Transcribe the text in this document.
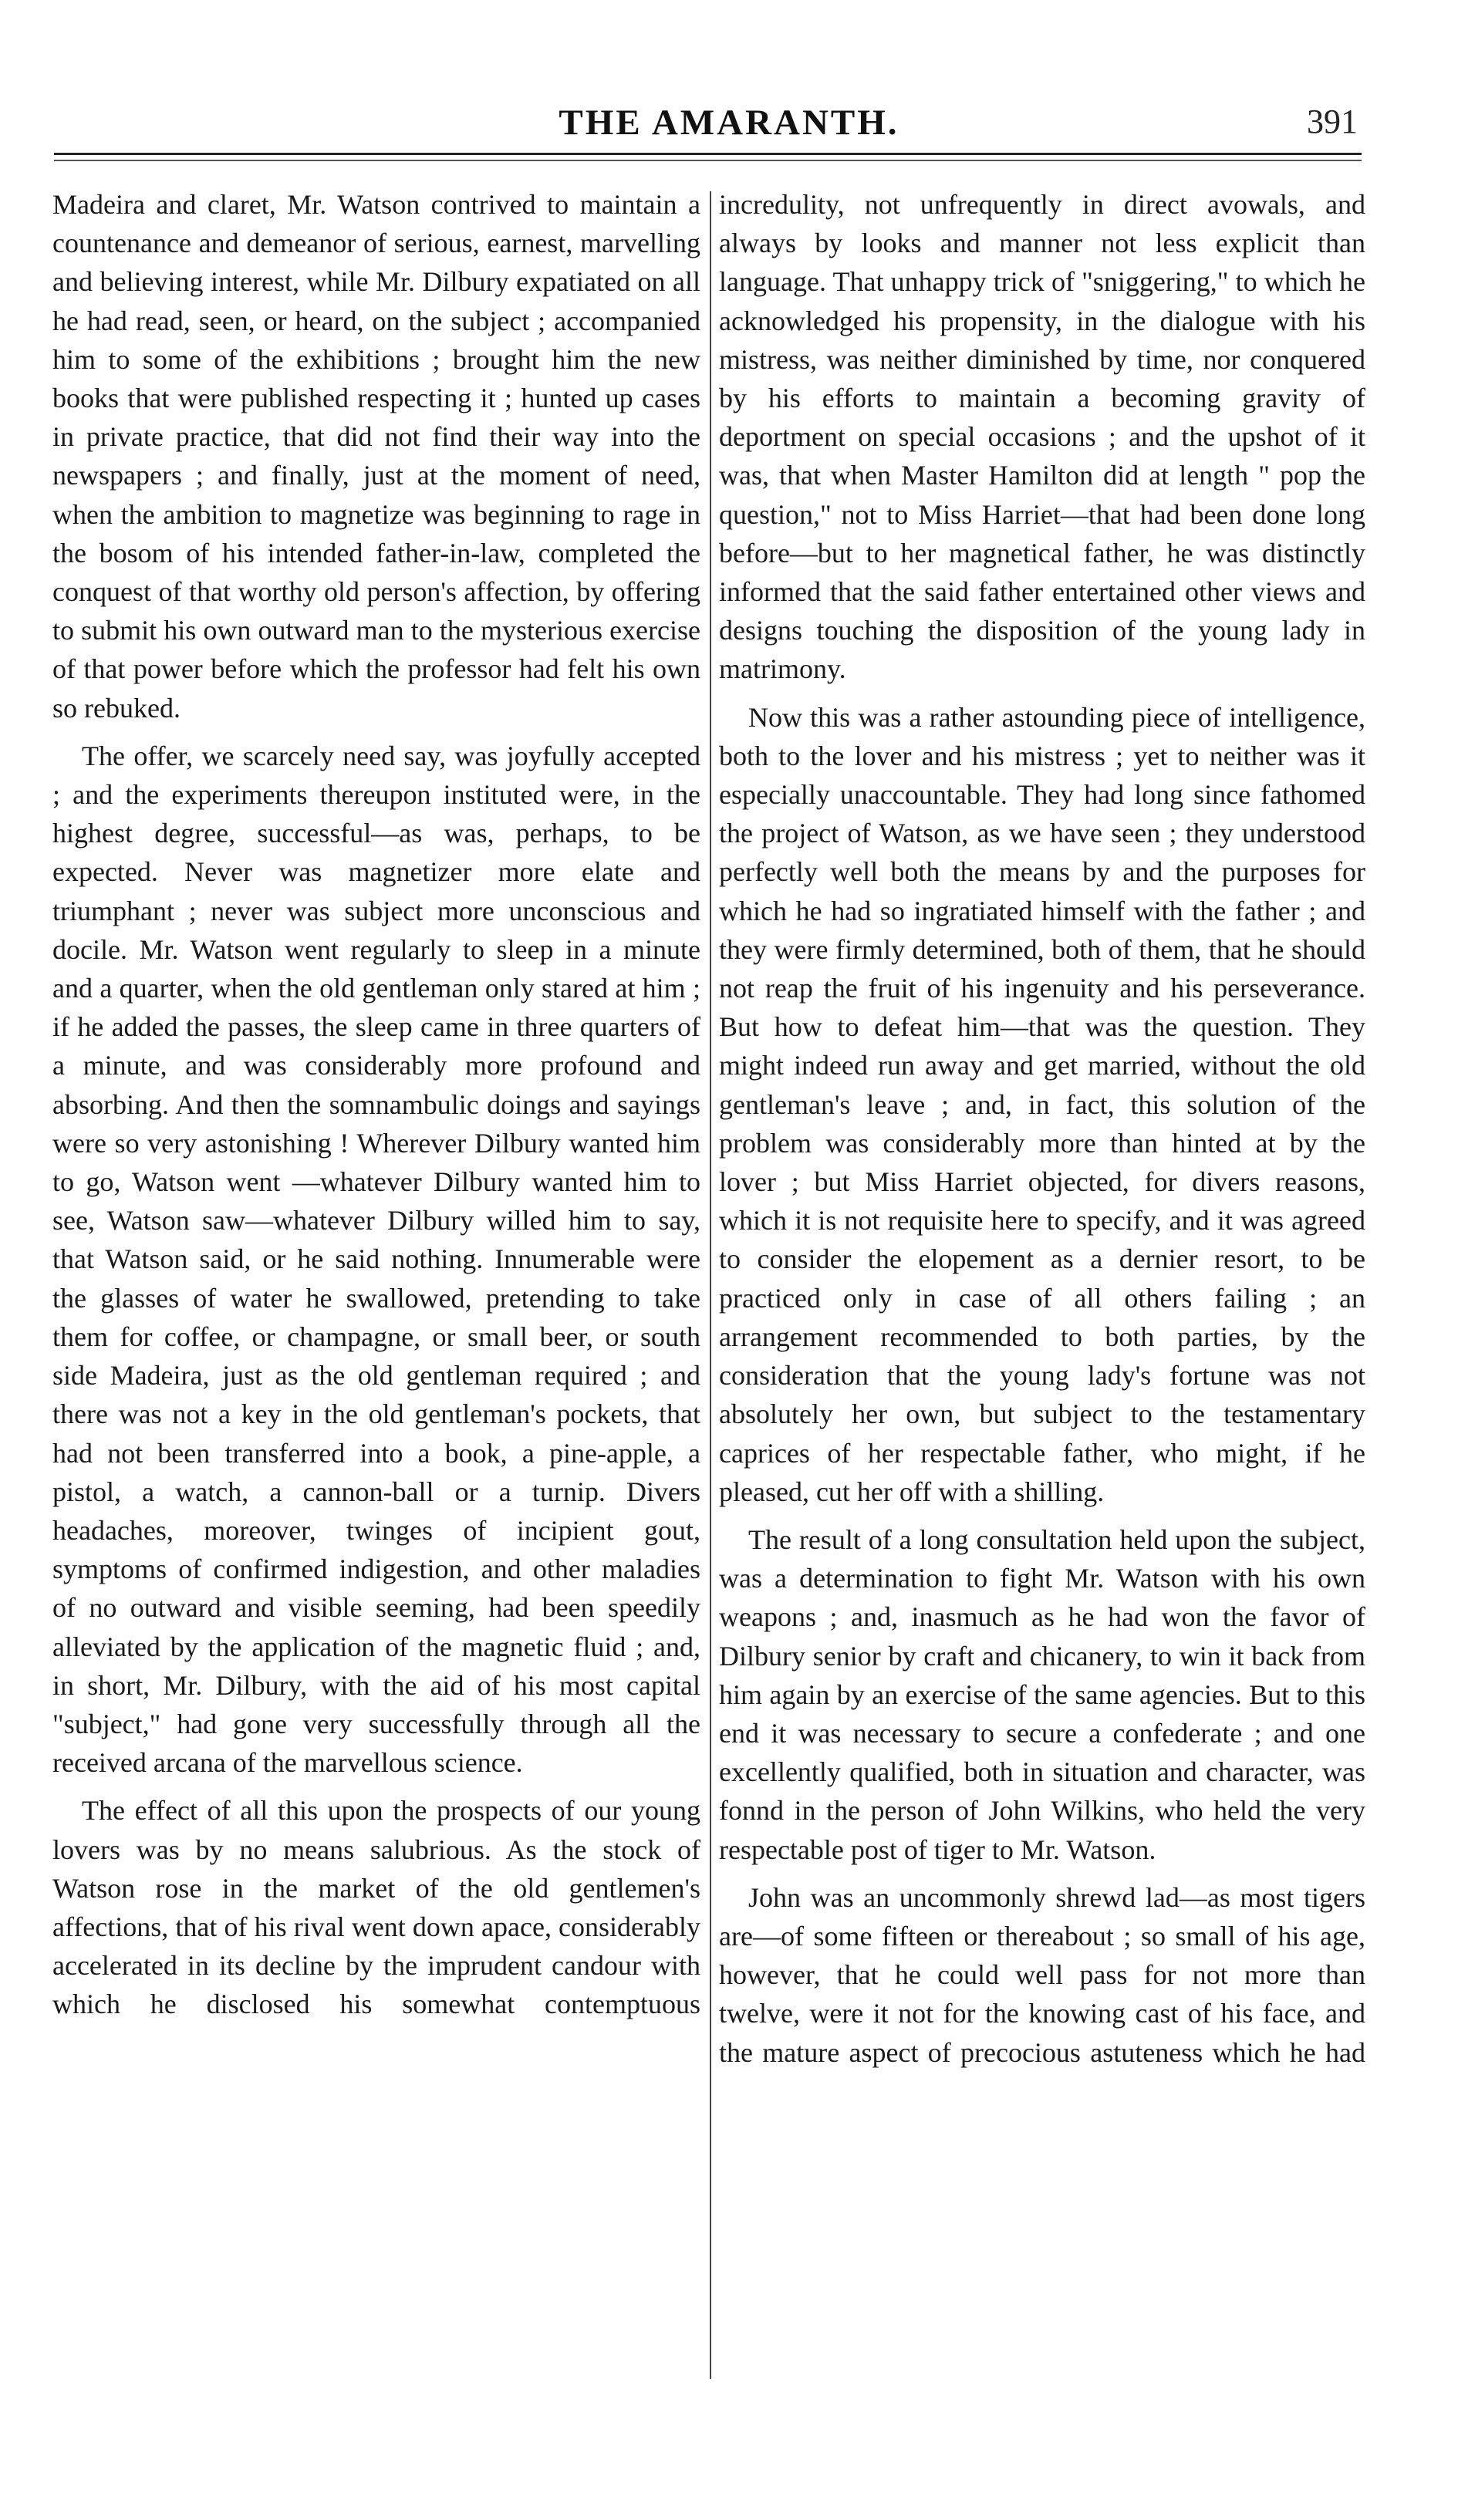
THE AMARANTH.	391

Madeira and claret, Mr. Watson contrived to maintain a countenance and demeanor of serious, earnest, marvelling and believing interest, while Mr. Dilbury expatiated on all he had read, seen, or heard, on the subject ; accompanied him to some of the exhibitions ; brought him the new books that were published respecting it ; hunted up cases in private practice, that did not find their way into the newspapers ; and finally, just at the moment of need, when the ambition to magnetize was beginning to rage in the bosom of his intended father-in-law, completed the conquest of that worthy old person's affection, by offering to submit his own outward man to the mysterious exercise of that power before which the professor had felt his own so rebuked.

The offer, we scarcely need say, was joyfully accepted ; and the experiments thereupon instituted were, in the highest degree, successful—as was, perhaps, to be expected. Never was magnetizer more elate and triumphant ; never was subject more unconscious and docile. Mr. Watson went regularly to sleep in a minute and a quarter, when the old gentleman only stared at him ; if he added the passes, the sleep came in three quarters of a minute, and was considerably more profound and absorbing. And then the somnambulic doings and sayings were so very astonishing ! Wherever Dilbury wanted him to go, Watson went —whatever Dilbury wanted him to see, Watson saw—whatever Dilbury willed him to say, that Watson said, or he said nothing. Innumerable were the glasses of water he swallowed, pretending to take them for coffee, or champagne, or small beer, or south side Madeira, just as the old gentleman required ; and there was not a key in the old gentleman's pockets, that had not been transferred into a book, a pine-apple, a pistol, a watch, a cannon-ball or a turnip. Divers headaches, moreover, twinges of incipient gout, symptoms of confirmed indigestion, and other maladies of no outward and visible seeming, had been speedily alleviated by the application of the magnetic fluid ; and, in short, Mr. Dilbury, with the aid of his most capital "subject," had gone very successfully through all the received arcana of the marvellous science.

The effect of all this upon the prospects of our young lovers was by no means salubrious. As the stock of Watson rose in the market of the old gentlemen's affections, that of his rival went down apace, considerably accelerated in its decline by the imprudent candour with which he disclosed his somewhat contemptuous

incredulity, not unfrequently in direct avowals, and always by looks and manner not less explicit than language. That unhappy trick of "sniggering," to which he acknowledged his propensity, in the dialogue with his mistress, was neither diminished by time, nor conquered by his efforts to maintain a becoming gravity of deportment on special occasions ; and the upshot of it was, that when Master Hamilton did at length " pop the question," not to Miss Harriet—that had been done long before—but to her magnetical father, he was distinctly informed that the said father entertained other views and designs touching the disposition of the young lady in matrimony.

Now this was a rather astounding piece of intelligence, both to the lover and his mistress ; yet to neither was it especially unaccountable. They had long since fathomed the project of Watson, as we have seen ; they understood perfectly well both the means by and the purposes for which he had so ingratiated himself with the father ; and they were firmly determined, both of them, that he should not reap the fruit of his ingenuity and his perseverance. But how to defeat him—that was the question. They might indeed run away and get married, without the old gentleman's leave ; and, in fact, this solution of the problem was considerably more than hinted at by the lover ; but Miss Harriet objected, for divers reasons, which it is not requisite here to specify, and it was agreed to consider the elopement as a dernier resort, to be practiced only in case of all others failing ; an arrangement recommended to both parties, by the consideration that the young lady's fortune was not absolutely her own, but subject to the testamentary caprices of her respectable father, who might, if he pleased, cut her off with a shilling.

The result of a long consultation held upon the subject, was a determination to fight Mr. Watson with his own weapons ; and, inasmuch as he had won the favor of Dilbury senior by craft and chicanery, to win it back from him again by an exercise of the same agencies. But to this end it was necessary to secure a confederate ; and one excellently qualified, both in situation and character, was fonnd in the person of John Wilkins, who held the very respectable post of tiger to Mr. Watson.

John was an uncommonly shrewd lad—as most tigers are—of some fifteen or thereabout ; so small of his age, however, that he could well pass for not more than twelve, were it not for the knowing cast of his face, and the mature aspect of precocious astuteness which he had
